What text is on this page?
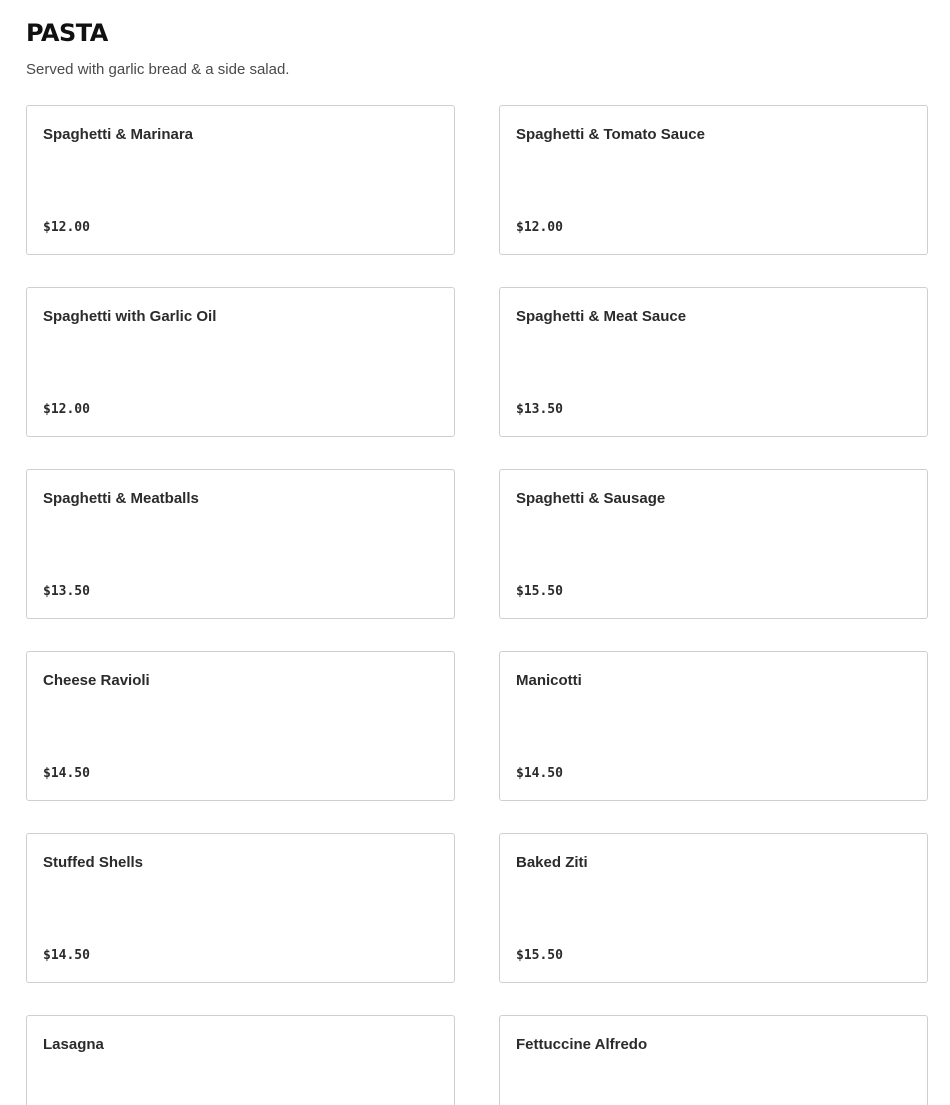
PASTA

Served with garlic bread & a side salad.

Spaghetti & Marinara
$12.00
Spaghetti & Tomato Sauce
$12.00
Spaghetti with Garlic Oil
$12.00
Spaghetti & Meat Sauce
$13.50
Spaghetti & Meatballs
$13.50
Spaghetti & Sausage
$15.50
Cheese Ravioli
$14.50
Manicotti
$14.50
Stuffed Shells
$14.50
Baked Ziti
$15.50
Lasagna	Fettuccine Alfredo
